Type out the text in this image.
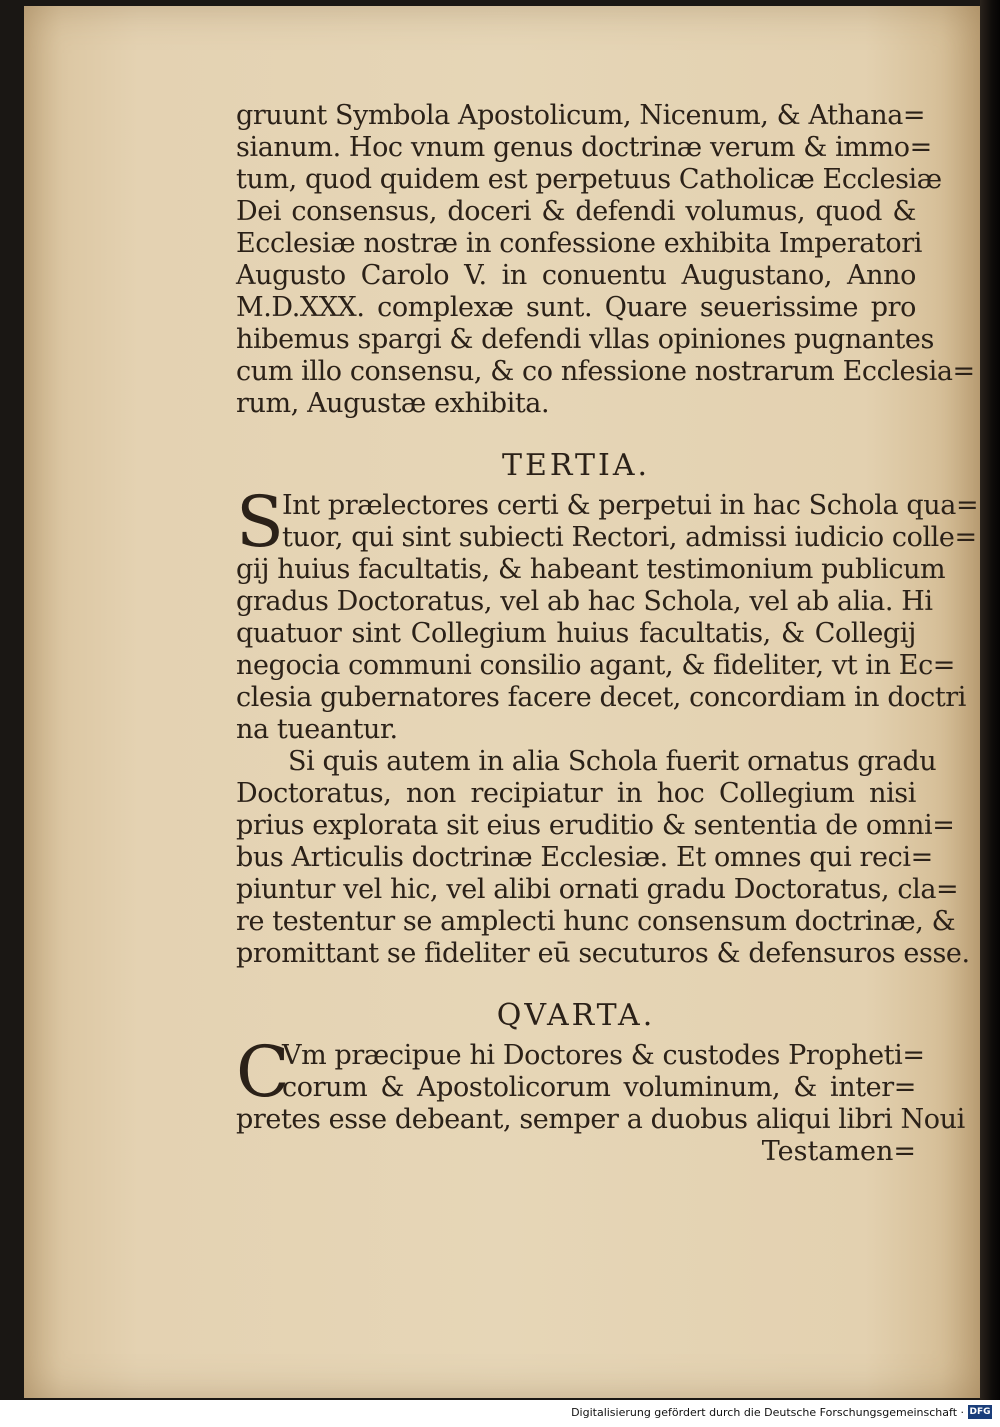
gruunt Symbola Apostolicum, Nicenum, & Athana=
sianum. Hoc vnum genus doctrinæ verum & immo=
tum, quod quidem est perpetuus Catholicæ Ecclesiæ
Dei consensus, doceri & defendi volumus, quod &
Ecclesiæ nostræ in confessione exhibita Imperatori
Augusto Carolo V. in conuentu Augustano, Anno
M.D.XXX. complexæ sunt. Quare seuerissime pro
hibemus spargi & defendi vllas opiniones pugnantes
cum illo consensu, & co nfessione nostrarum Ecclesia=
rum, Augustæ exhibita.
TERTIA.
S
Int prælectores certi & perpetui in hac Schola qua=
tuor, qui sint subiecti Rectori, admissi iudicio colle=
gij huius facultatis, & habeant testimonium publicum
gradus Doctoratus, vel ab hac Schola, vel ab alia. Hi
quatuor sint Collegium huius facultatis, & Collegij
negocia communi consilio agant, & fideliter, vt in Ec=
clesia gubernatores facere decet, concordiam in doctri
na tueantur.
Si quis autem in alia Schola fuerit ornatus gradu
Doctoratus, non recipiatur in hoc Collegium nisi
prius explorata sit eius eruditio & sententia de omni=
bus Articulis doctrinæ Ecclesiæ. Et omnes qui reci=
piuntur vel hic, vel alibi ornati gradu Doctoratus, cla=
re testentur se amplecti hunc consensum doctrinæ, &
promittant se fideliter eū secuturos & defensuros esse.
QVARTA.
C
Vm præcipue hi Doctores & custodes Propheti=
corum & Apostolicorum voluminum, & inter=
pretes esse debeant, semper a duobus aliqui libri Noui
Testamen=
Digitalisierung gefördert durch die Deutsche Forschungsgemeinschaft · DFG
